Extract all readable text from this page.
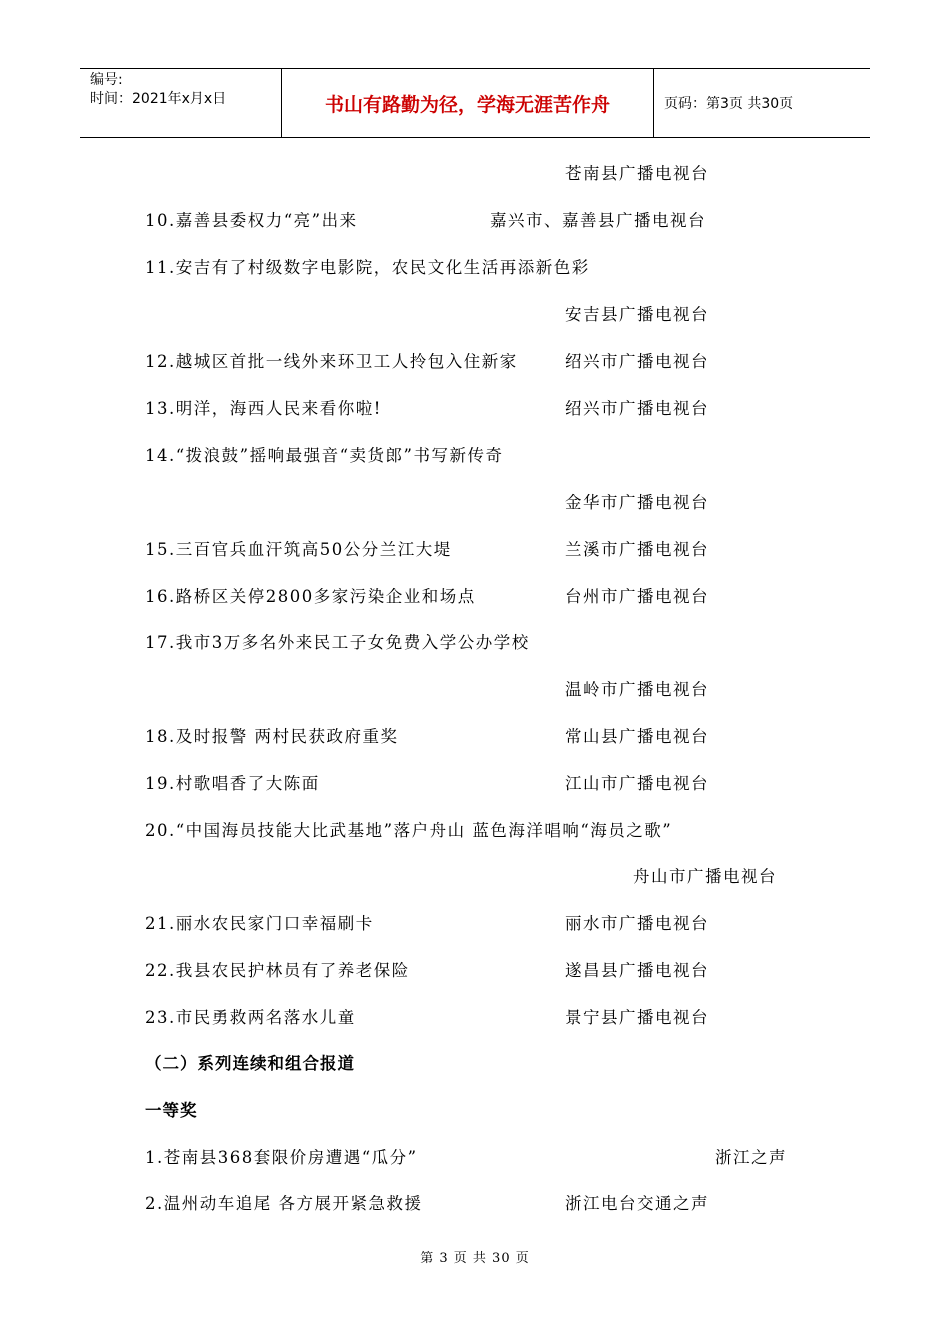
编号:
时间：2021年x月x日	书山有路勤为径，学海无涯苦作舟	页码：第3页 共30页
苍南县广播电视台
10.嘉善县委权力“亮”出来	嘉兴市、嘉善县广播电视台
11.安吉有了村级数字电影院，农民文化生活再添新色彩
安吉县广播电视台
12.越城区首批一线外来环卫工人拎包入住新家	绍兴市广播电视台
13.明洋，海西人民来看你啦!	绍兴市广播电视台
14.“拨浪鼓”摇响最强音“卖货郎”书写新传奇
金华市广播电视台
15.三百官兵血汗筑高50公分兰江大堤	兰溪市广播电视台
16.路桥区关停2800多家污染企业和场点	台州市广播电视台
17.我市3万多名外来民工子女免费入学公办学校
温岭市广播电视台
18.及时报警 两村民获政府重奖	常山县广播电视台
19.村歌唱香了大陈面	江山市广播电视台
20.“中国海员技能大比武基地”落户舟山 蓝色海洋唱响“海员之歌”
舟山市广播电视台
21.丽水农民家门口幸福刷卡	丽水市广播电视台
22.我县农民护林员有了养老保险	遂昌县广播电视台
23.市民勇救两名落水儿童	景宁县广播电视台
（二）系列连续和组合报道
一等奖
1.苍南县368套限价房遭遇“瓜分”	浙江之声
2.温州动车追尾 各方展开紧急救援	浙江电台交通之声
第 3 页 共 30 页
